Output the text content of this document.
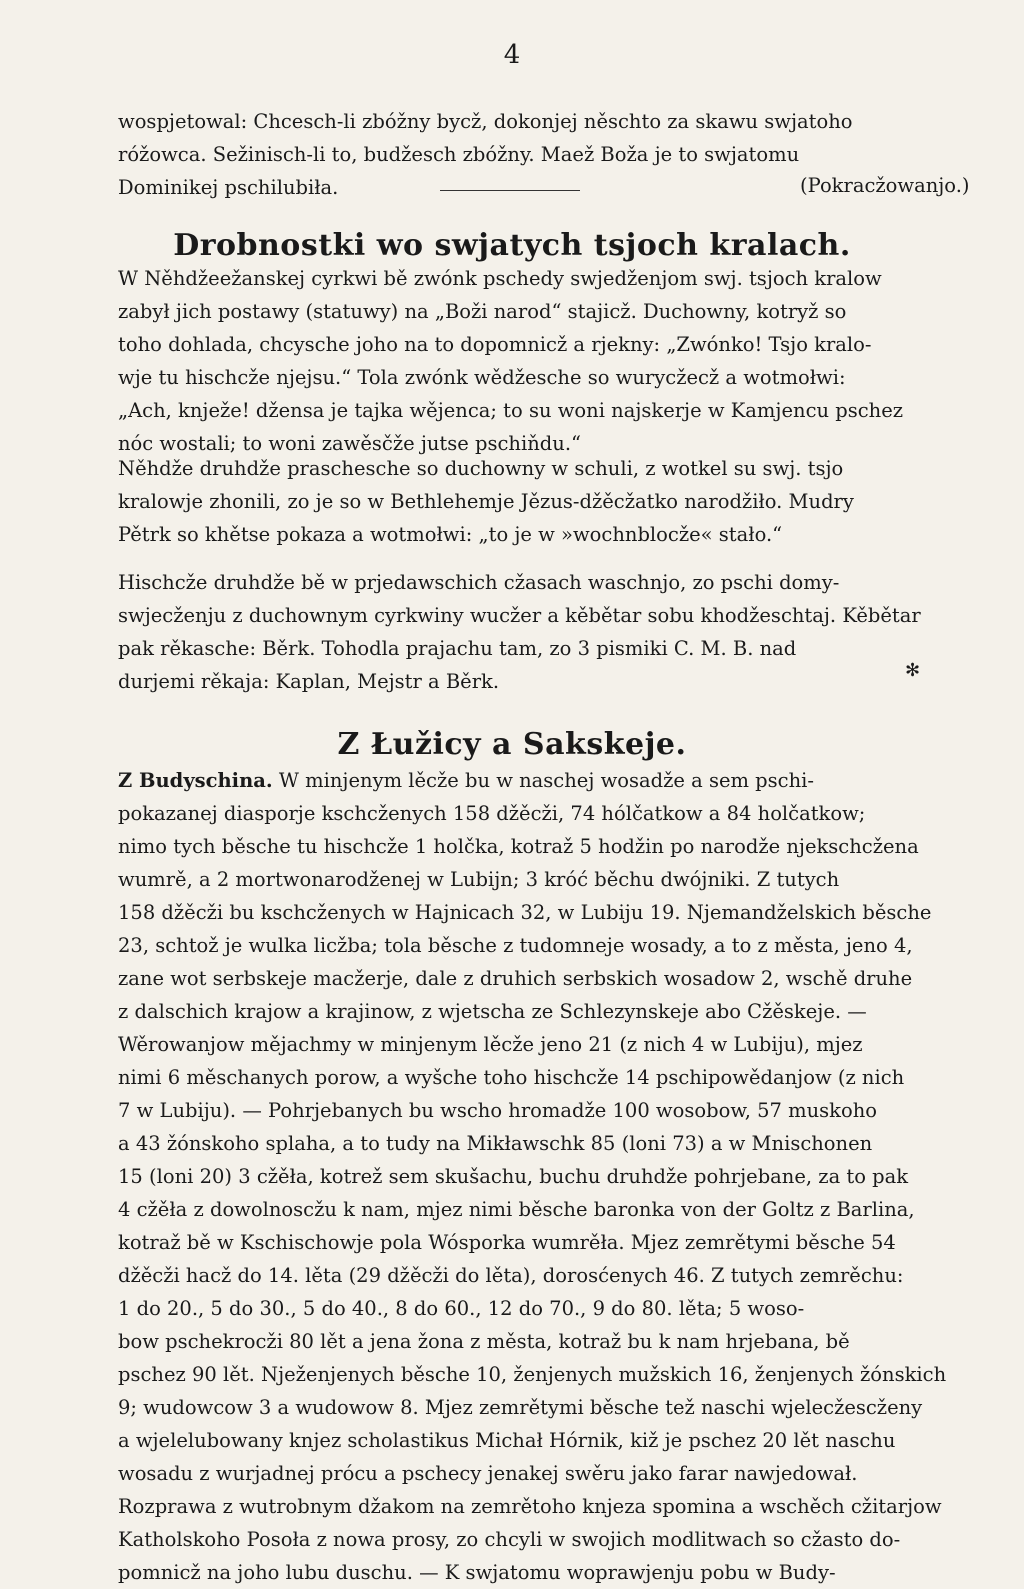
4
wospjetowal: Chcesch-li zbóžny bycž, dokonjej něschto za skawu swjatoho
róžowca. Sežinisch-li to, budžesch zbóžny. Maež Boža je to swjatomu
Dominikej pschilubiła.	(Pokracžowanjo.)
Drobnostki wo swjatych tsjoch kralach.
W Něhdžeežanskej cyrkwi bě zwónk pschedy swjedženjom swj. tsjoch kralow
zabył jich postawy (statuwy) na „Boži narod“ stajicž. Duchowny, kotryž so
toho dohlada, chcysche joho na to dopomnicž a rjekny: „Zwónko! Tsjo kralo-
wje tu hischcže njejsu.“ Tola zwónk wědžesche so wurycžecž a wotmołwi:
„Ach, knježe! džensa je tajka wějenca; to su woni najskerje w Kamjencu pschez
nóc wostali; to woni zawěsčže jutse pschiňdu.“
Něhdže druhdže praschesche so duchowny w schuli, z wotkel su swj. tsjo
kralowje zhonili, zo je so w Bethlehemje Jězus-džěcžatko narodžiło. Mudry
Pětrk so khětse pokaza a wotmołwi: „to je w »wochnblocže« stało.“
Hischcže druhdže bě w prjedawschich cžasach waschnjo, zo pschi domy-
swjecženju z duchownym cyrkwiny wucžer a kěbětar sobu khodžeschtaj. Kěbětar
pak rěkasche: Běrk. Tohodla prajachu tam, zo 3 pismiki C. M. B. nad
durjemi rěkaja: Kaplan, Mejstr a Běrk.	✻
Z Łužicy a Sakskeje.
Z Budyschina. W minjenym lěcže bu w naschej wosadže a sem pschi-
pokazanej diasporje kschcženych 158 džěcži, 74 hólčatkow a 84 holčatkow;
nimo tych běsche tu hischcže 1 holčka, kotraž 5 hodžin po narodže njekschcžena
wumrě, a 2 mortwonarodženej w Lubijn; 3 króć běchu dwójniki. Z tutych
158 džěcži bu kschcženych w Hajnicach 32, w Lubiju 19. Njemandželskich běsche
23, schtož je wulka licžba; tola běsche z tudomneje wosady, a to z města, jeno 4,
zane wot serbskeje macžerje, dale z druhich serbskich wosadow 2, wschě druhe
z dalschich krajow a krajinow, z wjetscha ze Schlezynskeje abo Cžěskeje. —
Wěrowanjow mějachmy w minjenym lěcže jeno 21 (z nich 4 w Lubiju), mjez
nimi 6 měschanych porow, a wyšche toho hischcže 14 pschipowědanjow (z nich
7 w Lubiju). — Pohrjebanych bu wscho hromadže 100 wosobow, 57 muskoho
a 43 žónskoho splaha, a to tudy na Mikławschk 85 (loni 73) a w Mnischonen
15 (loni 20) 3 cžěła, kotrež sem skušachu, buchu druhdže pohrjebane, za to pak
4 cžěła z dowolnoscžu k nam, mjez nimi běsche baronka von der Goltz z Barlina,
kotraž bě w Kschischowje pola Wósporka wumrěła. Mjez zemrětymi běsche 54
džěcži hacž do 14. lěta (29 džěcži do lěta), dorosćenych 46. Z tutych zemrěchu:
1 do 20., 5 do 30., 5 do 40., 8 do 60., 12 do 70., 9 do 80. lěta; 5 woso-
bow pschekrocži 80 lět a jena žona z města, kotraž bu k nam hrjebana, bě
pschez 90 lět. Nježenjenych běsche 10, ženjenych mužskich 16, ženjenych žónskich
9; wudowcow 3 a wudowow 8. Mjez zemrětymi běsche tež naschi wjelecžescženy
a wjelelubowany knjez scholastikus Michał Hórnik, kiž je pschez 20 lět naschu
wosadu z wurjadnej prócu a pschecy jenakej swěru jako farar nawjedował.
Rozprawa z wutrobnym džakom na zemrětoho knjeza spomina a wschěch cžitarjow
Katholskoho Posoła z nowa prosy, zo chcyli w swojich modlitwach so cžasto do-
pomnicž na joho lubu duschu. — K swjatomu woprawjenju pobu w Budy-
